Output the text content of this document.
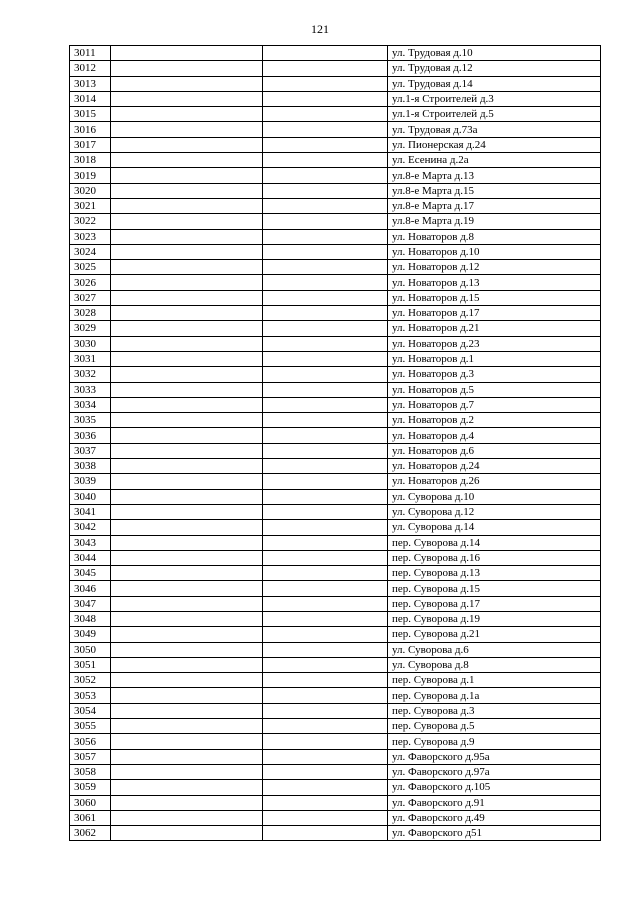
121
3011			ул. Трудовая д.10
3012			ул. Трудовая д.12
3013			ул. Трудовая д.14
3014			ул.1-я Строителей д.3
3015			ул.1-я Строителей д.5
3016			ул. Трудовая д.73а
3017			ул. Пионерская д.24
3018			ул. Есенина д.2а
3019			ул.8-е Марта д.13
3020			ул.8-е Марта д.15
3021			ул.8-е Марта д.17
3022			ул.8-е Марта д.19
3023			ул. Новаторов д.8
3024			ул. Новаторов д.10
3025			ул. Новаторов д.12
3026			ул. Новаторов д.13
3027			ул. Новаторов д.15
3028			ул. Новаторов д.17
3029			ул. Новаторов д.21
3030			ул. Новаторов д.23
3031			ул. Новаторов д.1
3032			ул. Новаторов д.3
3033			ул. Новаторов д.5
3034			ул. Новаторов д.7
3035			ул. Новаторов д.2
3036			ул. Новаторов д.4
3037			ул. Новаторов д.6
3038			ул. Новаторов д.24
3039			ул. Новаторов д.26
3040			ул. Суворова д.10
3041			ул. Суворова д.12
3042			ул. Суворова д.14
3043			пер. Суворова д.14
3044			пер. Суворова д.16
3045			пер. Суворова д.13
3046			пер. Суворова д.15
3047			пер. Суворова д.17
3048			пер. Суворова д.19
3049			пер. Суворова д.21
3050			ул. Суворова д.6
3051			ул. Суворова д.8
3052			пер. Суворова д.1
3053			пер. Суворова д.1а
3054			пер. Суворова д.3
3055			пер. Суворова д.5
3056			пер. Суворова д.9
3057			ул. Фаворского д.95а
3058			ул. Фаворского д.97а
3059			ул. Фаворского д.105
3060			ул. Фаворского д.91
3061			ул. Фаворского д.49
3062			ул. Фаворского д51
